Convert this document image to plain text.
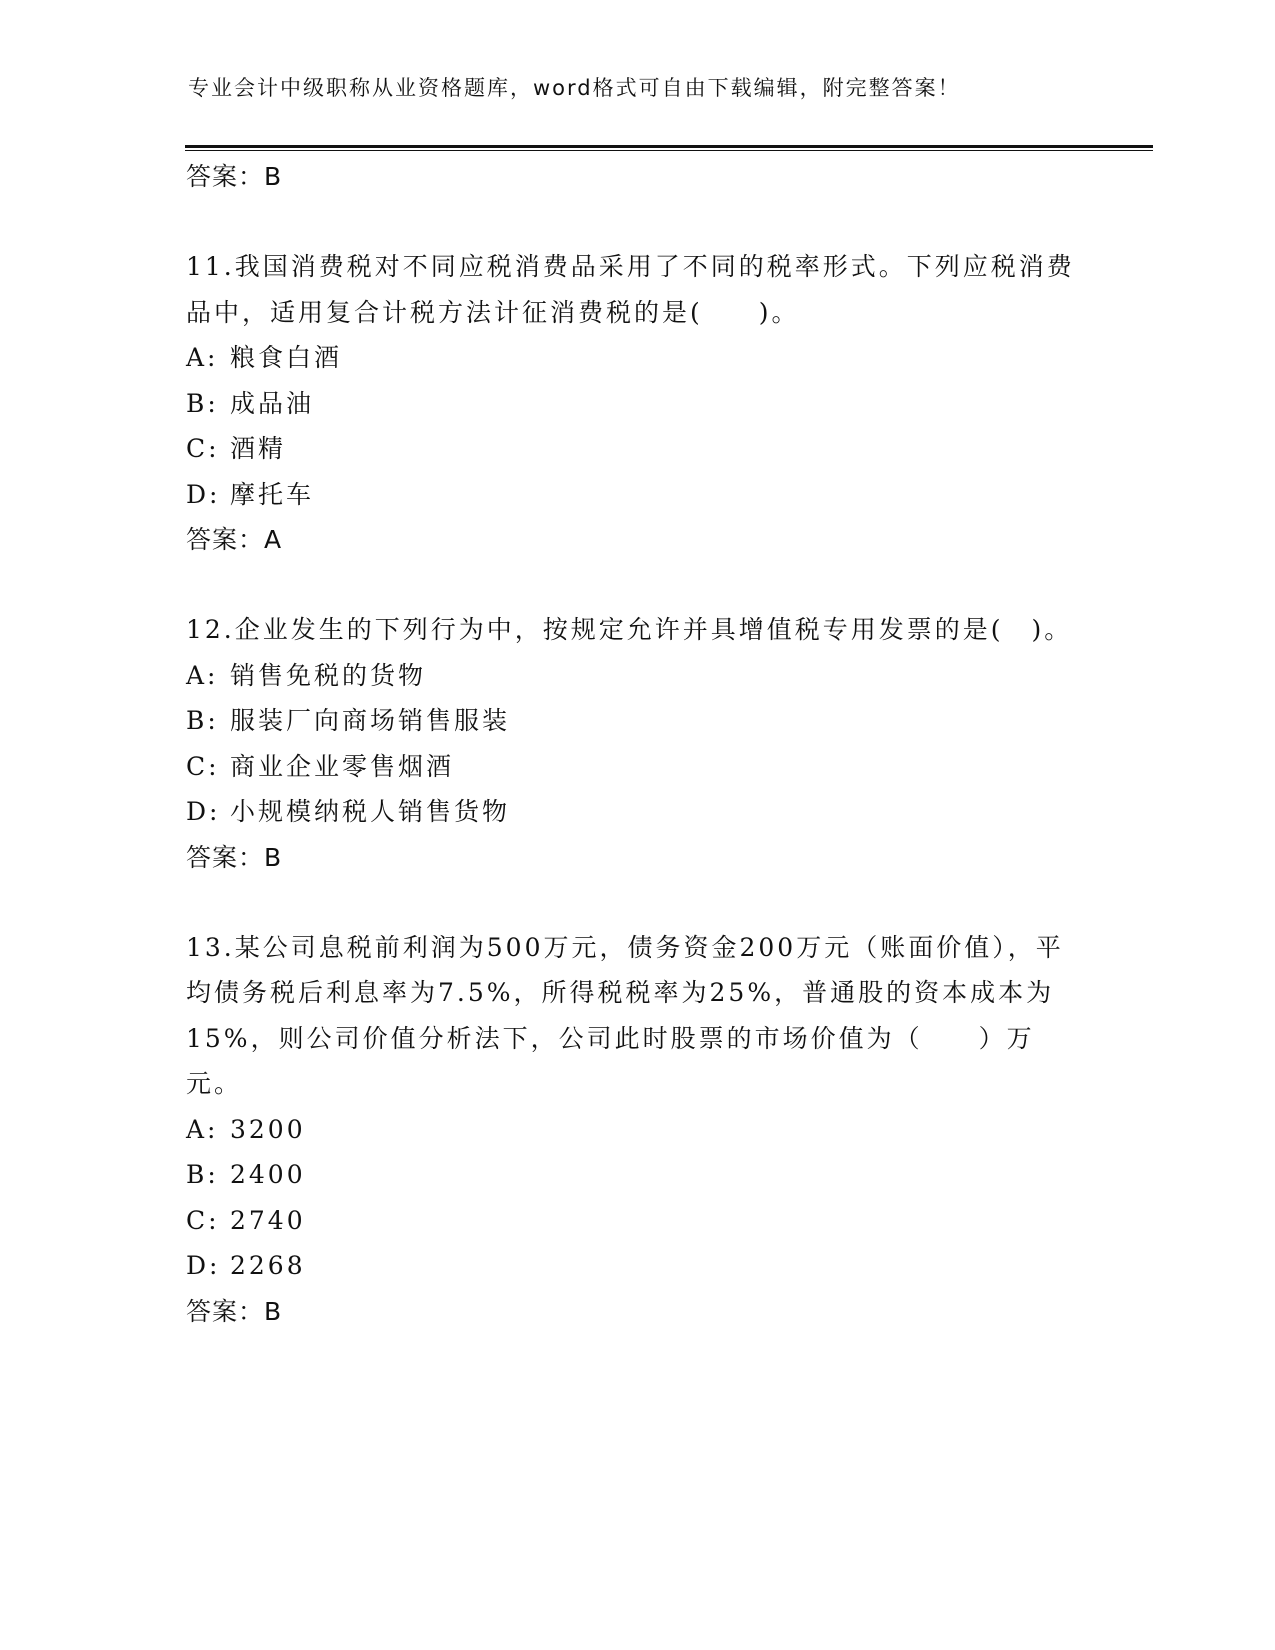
专业会计中级职称从业资格题库，word格式可自由下载编辑，附完整答案！
答案：B
11.我国消费税对不同应税消费品采用了不同的税率形式。下列应税消费品中，适用复合计税方法计征消费税的是(　　)。
A: 粮食白酒
B: 成品油
C: 酒精
D: 摩托车
答案：A
12.企业发生的下列行为中，按规定允许并具增值税专用发票的是(　)。
A: 销售免税的货物
B: 服装厂向商场销售服装
C: 商业企业零售烟酒
D: 小规模纳税人销售货物
答案：B
13.某公司息税前利润为500万元，债务资金200万元（账面价值），平均债务税后利息率为7.5%，所得税税率为25%，普通股的资本成本为15%，则公司价值分析法下，公司此时股票的市场价值为（　　）万元。
A: 3200
B: 2400
C: 2740
D: 2268
答案：B
